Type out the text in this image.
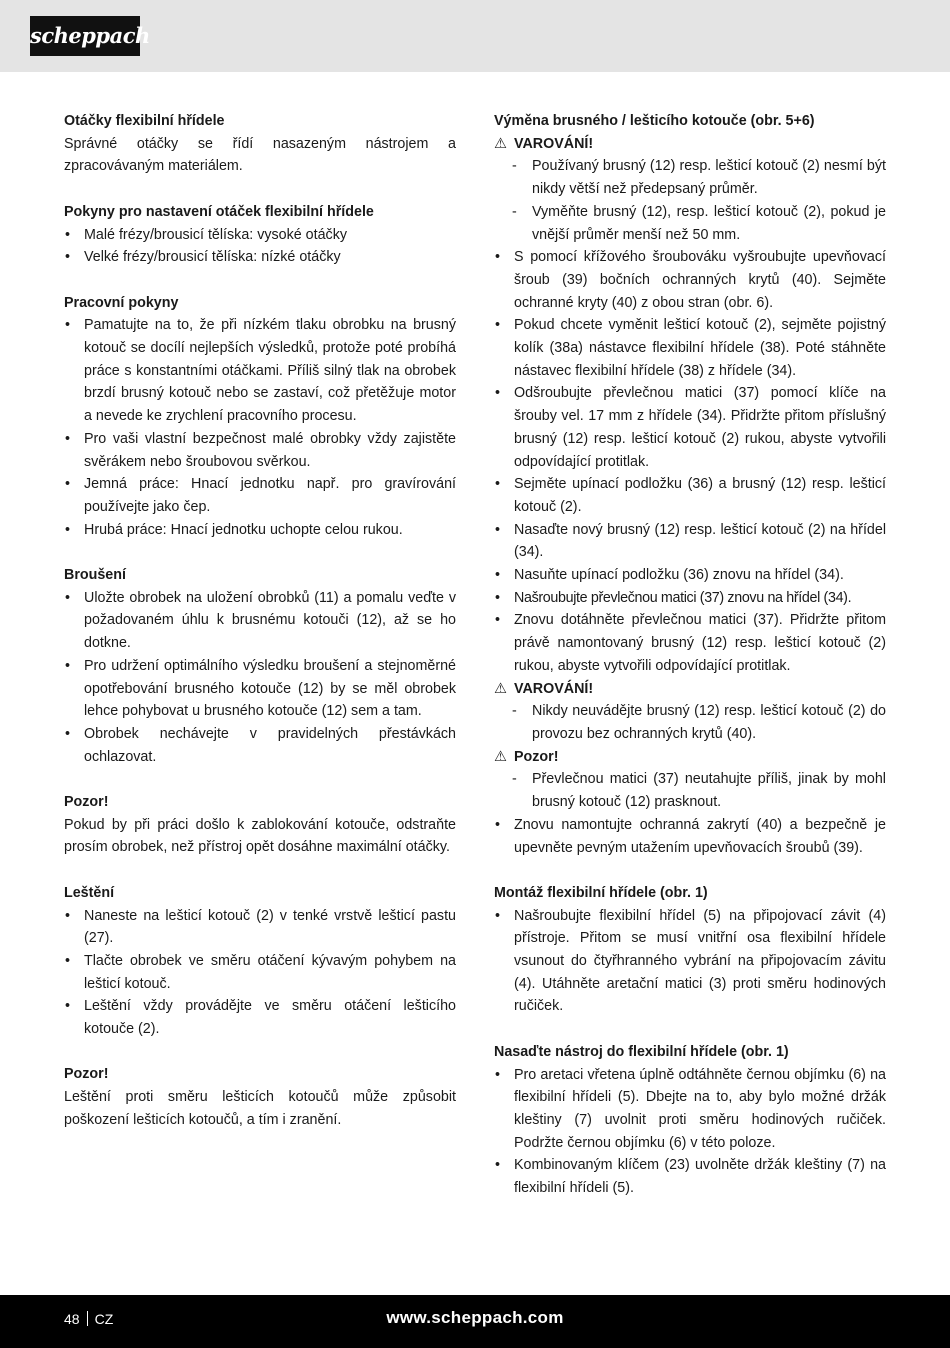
scheppach

Otáčky flexibilní hřídele

Správné otáčky se řídí nasazeným nástrojem a zpracovávaným materiálem.

Pokyny pro nastavení otáček flexibilní hřídele

• Malé frézy/brousicí tělíska: vysoké otáčky
• Velké frézy/brousicí tělíska: nízké otáčky

Pracovní pokyny

• Pamatujte na to, že při nízkém tlaku obrobku na brusný kotouč se docílí nejlepších výsledků, protože poté probíhá práce s konstantními otáčkami. Příliš silný tlak na obrobek brzdí brusný kotouč nebo se zastaví, což přetěžuje motor a nevede ke zrychlení pracovního procesu.
• Pro vaši vlastní bezpečnost malé obrobky vždy zajistěte svěrákem nebo šroubovou svěrkou.
• Jemná práce: Hnací jednotku např. pro gravírování používejte jako čep.
• Hrubá práce: Hnací jednotku uchopte celou rukou.

Broušení

• Uložte obrobek na uložení obrobků (11) a pomalu veďte v požadovaném úhlu k brusnému kotouči (12), až se ho dotkne.
• Pro udržení optimálního výsledku broušení a stejnoměrné opotřebování brusného kotouče (12) by se měl obrobek lehce pohybovat u brusného kotouče (12) sem a tam.
• Obrobek nechávejte v pravidelných přestávkách ochlazovat.

Pozor!

Pokud by při práci došlo k zablokování kotouče, odstraňte prosím obrobek, než přístroj opět dosáhne maximální otáčky.

Leštění

• Naneste na lešticí kotouč (2) v tenké vrstvě lešticí pastu (27).
• Tlačte obrobek ve směru otáčení kývavým pohybem na lešticí kotouč.
• Leštění vždy provádějte ve směru otáčení lešticího kotouče (2).

Pozor!

Leštění proti směru lešticích kotoučů může způsobit poškození lešticích kotoučů, a tím i zranění.

Výměna brusného / lešticího kotouče (obr. 5+6)

⚠ VAROVÁNÍ!

- Používaný brusný (12) resp. lešticí kotouč (2) nesmí být nikdy větší než předepsaný průměr.
- Vyměňte brusný (12), resp. lešticí kotouč (2), pokud je vnější průměr menší než 50 mm.
• S pomocí křížového šroubováku vyšroubujte upevňovací šroub (39) bočních ochranných krytů (40). Sejměte ochranné kryty (40) z obou stran (obr. 6).
• Pokud chcete vyměnit lešticí kotouč (2), sejměte pojistný kolík (38a) nástavce flexibilní hřídele (38). Poté stáhněte nástavec flexibilní hřídele (38) z hřídele (34).
• Odšroubujte převlečnou matici (37) pomocí klíče na šrouby vel. 17 mm z hřídele (34). Přidržte přitom příslušný brusný (12) resp. lešticí kotouč (2) rukou, abyste vytvořili odpovídající protitlak.
• Sejměte upínací podložku (36) a brusný (12) resp. lešticí kotouč (2).
• Nasaďte nový brusný (12) resp. lešticí kotouč (2) na hřídel (34).
• Nasuňte upínací podložku (36) znovu na hřídel (34).
• Našroubujte převlečnou matici (37) znovu na hřídel (34).
• Znovu dotáhněte převlečnou matici (37). Přidržte přitom právě namontovaný brusný (12) resp. lešticí kotouč (2) rukou, abyste vytvořili odpovídající protitlak.

⚠ VAROVÁNÍ!

- Nikdy neuvádějte brusný (12) resp. lešticí kotouč (2) do provozu bez ochranných krytů (40).

⚠ Pozor!

- Převlečnou matici (37) neutahujte příliš, jinak by mohl brusný kotouč (12) prasknout.
• Znovu namontujte ochranná zakrytí (40) a bezpečně je upevněte pevným utažením upevňovacích šroubů (39).

Montáž flexibilní hřídele (obr. 1)

• Našroubujte flexibilní hřídel (5) na připojovací závit (4) přístroje. Přitom se musí vnitřní osa flexibilní hřídele vsunout do čtyřhranného vybrání na připojovacím závitu (4). Utáhněte aretační matici (3) proti směru hodinových ručiček.

Nasaďte nástroj do flexibilní hřídele (obr. 1)

• Pro aretaci vřetena úplně odtáhněte černou objímku (6) na flexibilní hřídeli (5). Dbejte na to, aby bylo možné držák kleštiny (7) uvolnit proti směru hodinových ručiček. Podržte černou objímku (6) v této poloze.
• Kombinovaným klíčem (23) uvolněte držák kleštiny (7) na flexibilní hřídeli (5).
48 CZ	www.scheppach.com
